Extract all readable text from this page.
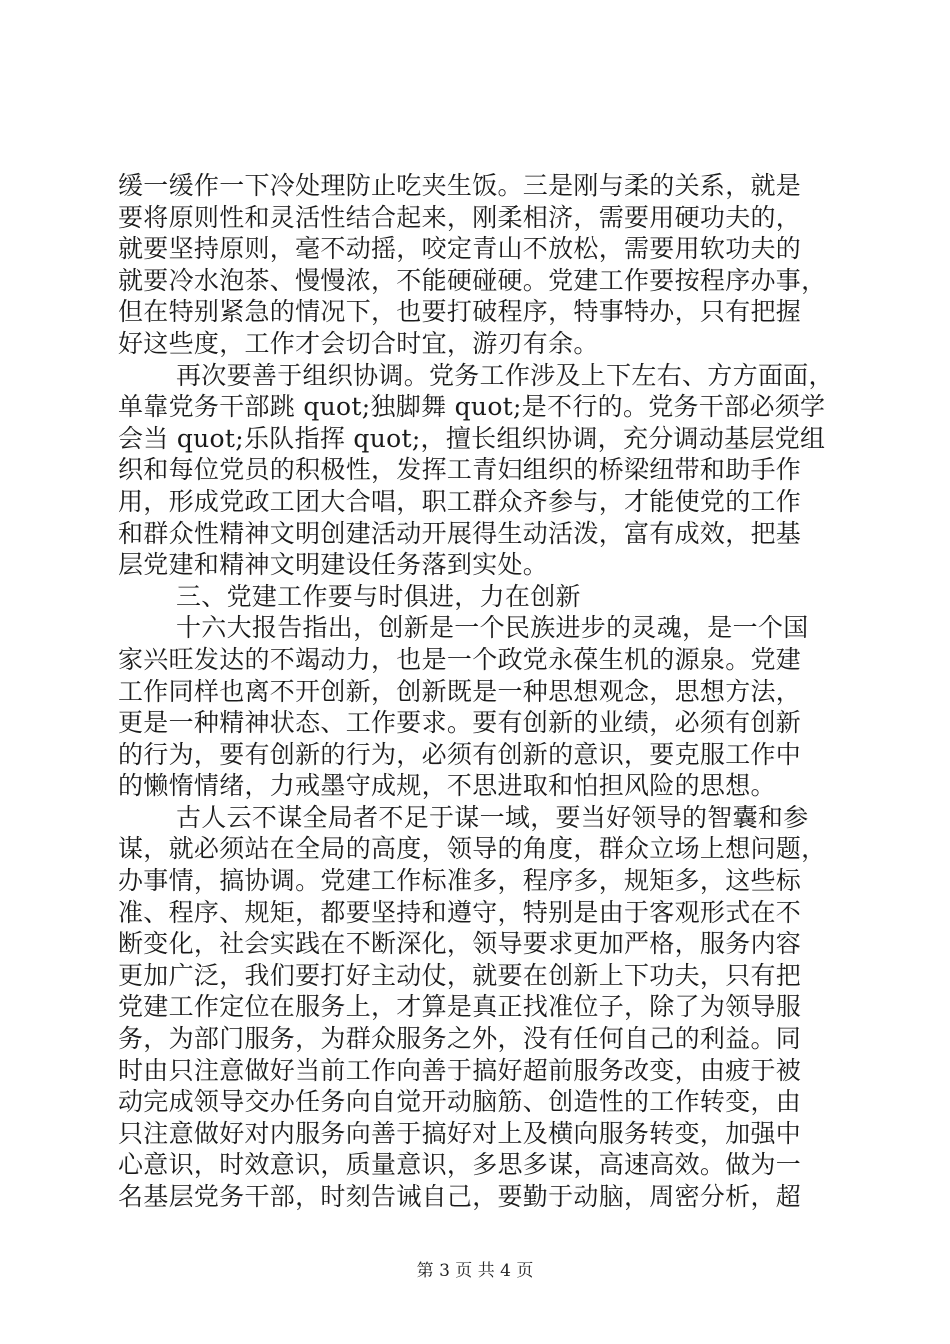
缓一缓作一下冷处理防止吃夹生饭。三是刚与柔的关系，就是
要将原则性和灵活性结合起来，刚柔相济，需要用硬功夫的，
就要坚持原则，毫不动摇，咬定青山不放松，需要用软功夫的
就要冷水泡茶、慢慢浓，不能硬碰硬。党建工作要按程序办事，
但在特别紧急的情况下，也要打破程序，特事特办，只有把握
好这些度，工作才会切合时宜，游刃有余。
再次要善于组织协调。党务工作涉及上下左右、方方面面，
单靠党务干部跳 quot;独脚舞 quot;是不行的。党务干部必须学
会当 quot;乐队指挥 quot;，擅长组织协调，充分调动基层党组
织和每位党员的积极性，发挥工青妇组织的桥梁纽带和助手作
用，形成党政工团大合唱，职工群众齐参与，才能使党的工作
和群众性精神文明创建活动开展得生动活泼，富有成效，把基
层党建和精神文明建设任务落到实处。
三、党建工作要与时俱进，力在创新
十六大报告指出，创新是一个民族进步的灵魂，是一个国
家兴旺发达的不竭动力，也是一个政党永葆生机的源泉。党建
工作同样也离不开创新，创新既是一种思想观念，思想方法，
更是一种精神状态、工作要求。要有创新的业绩，必须有创新
的行为，要有创新的行为，必须有创新的意识，要克服工作中
的懒惰情绪，力戒墨守成规，不思进取和怕担风险的思想。
古人云不谋全局者不足于谋一域，要当好领导的智囊和参
谋，就必须站在全局的高度，领导的角度，群众立场上想问题，
办事情，搞协调。党建工作标准多，程序多，规矩多，这些标
准、程序、规矩，都要坚持和遵守，特别是由于客观形式在不
断变化，社会实践在不断深化，领导要求更加严格，服务内容
更加广泛，我们要打好主动仗，就要在创新上下功夫，只有把
党建工作定位在服务上，才算是真正找准位子，除了为领导服
务，为部门服务，为群众服务之外，没有任何自己的利益。同
时由只注意做好当前工作向善于搞好超前服务改变，由疲于被
动完成领导交办任务向自觉开动脑筋、创造性的工作转变，由
只注意做好对内服务向善于搞好对上及横向服务转变，加强中
心意识，时效意识，质量意识，多思多谋，高速高效。做为一
名基层党务干部，时刻告诫自己，要勤于动脑，周密分析，超
第 3 页 共 4 页
